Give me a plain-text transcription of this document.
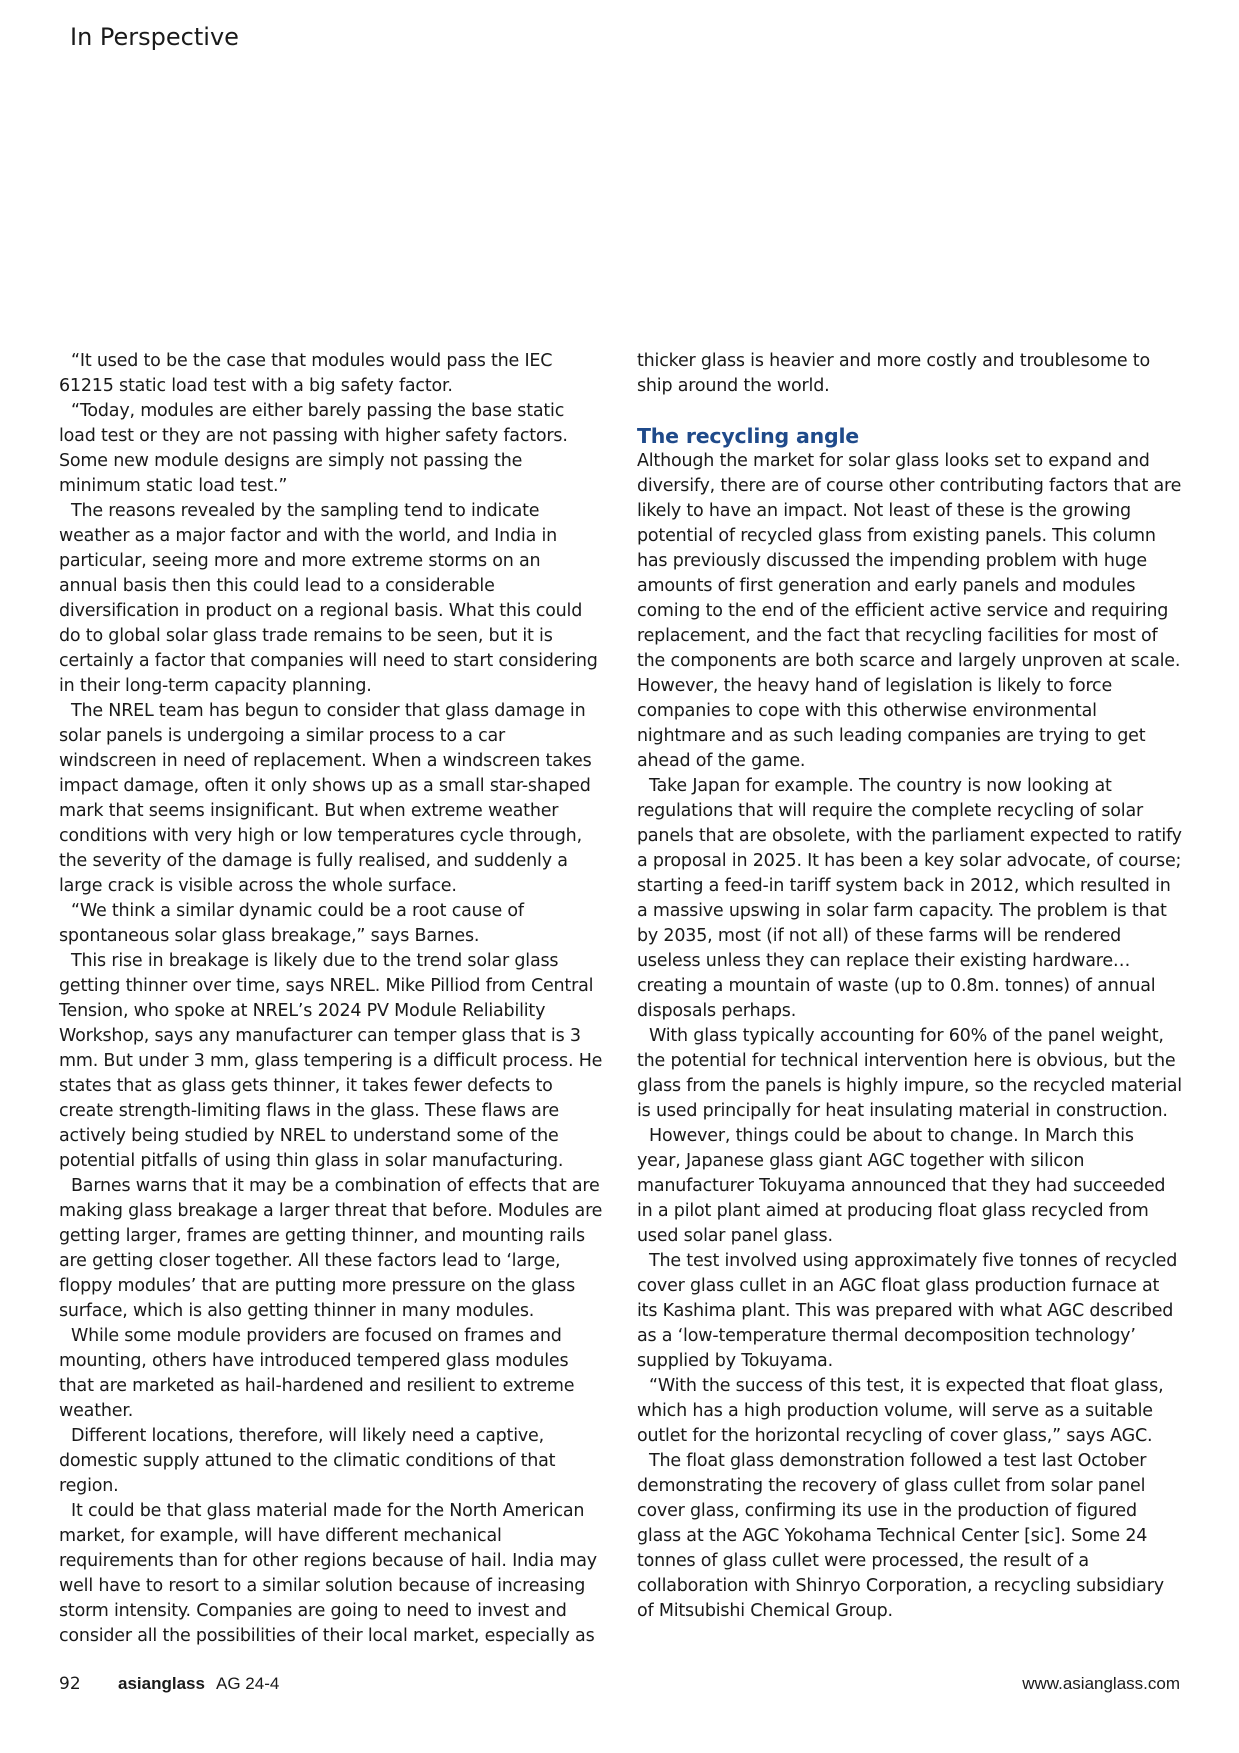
In Perspective

“It used to be the case that modules would pass the IEC 61215 static load test with a big safety factor.

“Today, modules are either barely passing the base static load test or they are not passing with higher safety factors. Some new module designs are simply not passing the minimum static load test.”

The reasons revealed by the sampling tend to indicate weather as a major factor and with the world, and India in particular, seeing more and more extreme storms on an annual basis then this could lead to a considerable diversification in product on a regional basis. What this could do to global solar glass trade remains to be seen, but it is certainly a factor that companies will need to start considering in their long-term capacity planning.

The NREL team has begun to consider that glass damage in solar panels is undergoing a similar process to a car windscreen in need of replacement. When a windscreen takes impact damage, often it only shows up as a small star-shaped mark that seems insignificant. But when extreme weather conditions with very high or low temperatures cycle through, the severity of the damage is fully realised, and suddenly a large crack is visible across the whole surface.

“We think a similar dynamic could be a root cause of spontaneous solar glass breakage,” says Barnes.

This rise in breakage is likely due to the trend solar glass getting thinner over time, says NREL. Mike Pilliod from Central Tension, who spoke at NREL’s 2024 PV Module Reliability Workshop, says any manufacturer can temper glass that is 3 mm. But under 3 mm, glass tempering is a difficult process. He states that as glass gets thinner, it takes fewer defects to create strength-limiting flaws in the glass. These flaws are actively being studied by NREL to understand some of the potential pitfalls of using thin glass in solar manufacturing.

Barnes warns that it may be a combination of effects that are making glass breakage a larger threat that before. Modules are getting larger, frames are getting thinner, and mounting rails are getting closer together. All these factors lead to ‘large, floppy modules’ that are putting more pressure on the glass surface, which is also getting thinner in many modules.

While some module providers are focused on frames and mounting, others have introduced tempered glass modules that are marketed as hail-hardened and resilient to extreme weather.

Different locations, therefore, will likely need a captive, domestic supply attuned to the climatic conditions of that region.

It could be that glass material made for the North American market, for example, will have different mechanical requirements than for other regions because of hail. India may well have to resort to a similar solution because of increasing storm intensity. Companies are going to need to invest and consider all the possibilities of their local market, especially as

thicker glass is heavier and more costly and troublesome to ship around the world.

The recycling angle

Although the market for solar glass looks set to expand and diversify, there are of course other contributing factors that are likely to have an impact. Not least of these is the growing potential of recycled glass from existing panels. This column has previously discussed the impending problem with huge amounts of first generation and early panels and modules coming to the end of the efficient active service and requiring replacement, and the fact that recycling facilities for most of the components are both scarce and largely unproven at scale. However, the heavy hand of legislation is likely to force companies to cope with this otherwise environmental nightmare and as such leading companies are trying to get ahead of the game.

Take Japan for example. The country is now looking at regulations that will require the complete recycling of solar panels that are obsolete, with the parliament expected to ratify a proposal in 2025. It has been a key solar advocate, of course; starting a feed-in tariff system back in 2012, which resulted in a massive upswing in solar farm capacity. The problem is that by 2035, most (if not all) of these farms will be rendered useless unless they can replace their existing hardware…creating a mountain of waste (up to 0.8m. tonnes) of annual disposals perhaps.

With glass typically accounting for 60% of the panel weight, the potential for technical intervention here is obvious, but the glass from the panels is highly impure, so the recycled material is used principally for heat insulating material in construction.

However, things could be about to change. In March this year, Japanese glass giant AGC together with silicon manufacturer Tokuyama announced that they had succeeded in a pilot plant aimed at producing float glass recycled from used solar panel glass.

The test involved using approximately five tonnes of recycled cover glass cullet in an AGC float glass production furnace at its Kashima plant. This was prepared with what AGC described as a ‘low-temperature thermal decomposition technology’ supplied by Tokuyama.

“With the success of this test, it is expected that float glass, which has a high production volume, will serve as a suitable outlet for the horizontal recycling of cover glass,” says AGC.

The float glass demonstration followed a test last October demonstrating the recovery of glass cullet from solar panel cover glass, confirming its use in the production of figured glass at the AGC Yokohama Technical Center [sic]. Some 24 tonnes of glass cullet were processed, the result of a collaboration with Shinryo Corporation, a recycling subsidiary of Mitsubishi Chemical Group.

92 asianglass AG 24-4	www.asianglass.com
